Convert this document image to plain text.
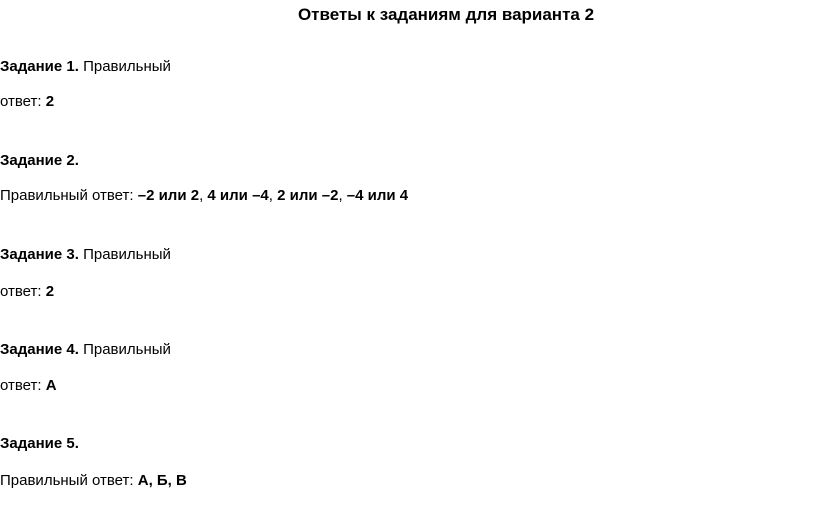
Ответы к заданиям для варианта 2
Задание 1. Правильный
ответ: 2
Задание 2.
Правильный ответ: –2 или 2, 4 или –4, 2 или –2, –4 или 4
Задание 3. Правильный
ответ: 2
Задание 4. Правильный
ответ: А
Задание 5.
Правильный ответ: А, Б, В
